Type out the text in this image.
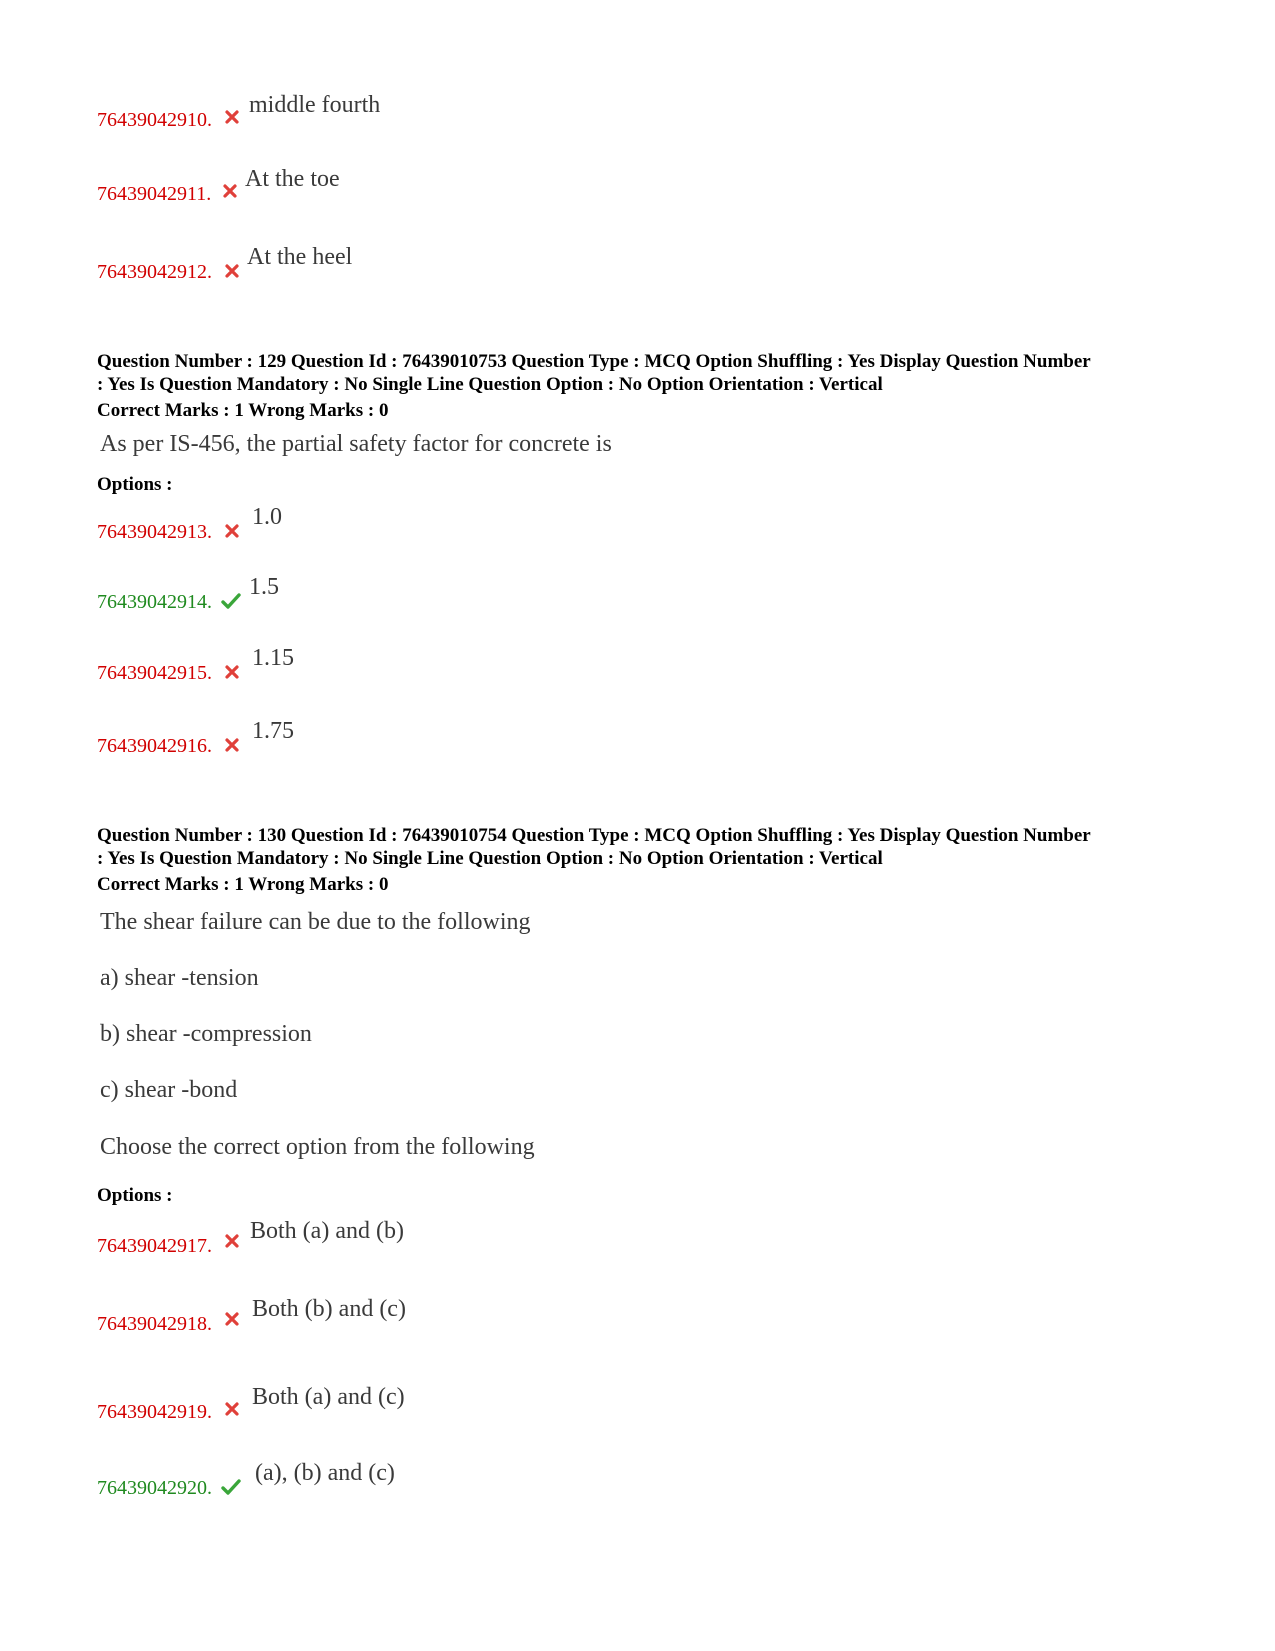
76439042910.
middle fourth
76439042911.
At the toe
76439042912.
At the heel
Question Number : 129 Question Id : 76439010753 Question Type : MCQ Option Shuffling : Yes Display Question Number
: Yes Is Question Mandatory : No Single Line Question Option : No Option Orientation : Vertical
Correct Marks : 1 Wrong Marks : 0
As per IS-456, the partial safety factor for concrete is
Options :
76439042913.
1.0
76439042914.
1.5
76439042915.
1.15
76439042916.
1.75
Question Number : 130 Question Id : 76439010754 Question Type : MCQ Option Shuffling : Yes Display Question Number
: Yes Is Question Mandatory : No Single Line Question Option : No Option Orientation : Vertical
Correct Marks : 1 Wrong Marks : 0
The shear failure can be due to the following
a) shear -tension
b) shear -compression
c) shear -bond
Choose the correct option from the following
Options :
76439042917.
Both (a) and (b)
76439042918.
Both (b) and (c)
76439042919.
Both (a) and (c)
76439042920.
(a), (b) and (c)
